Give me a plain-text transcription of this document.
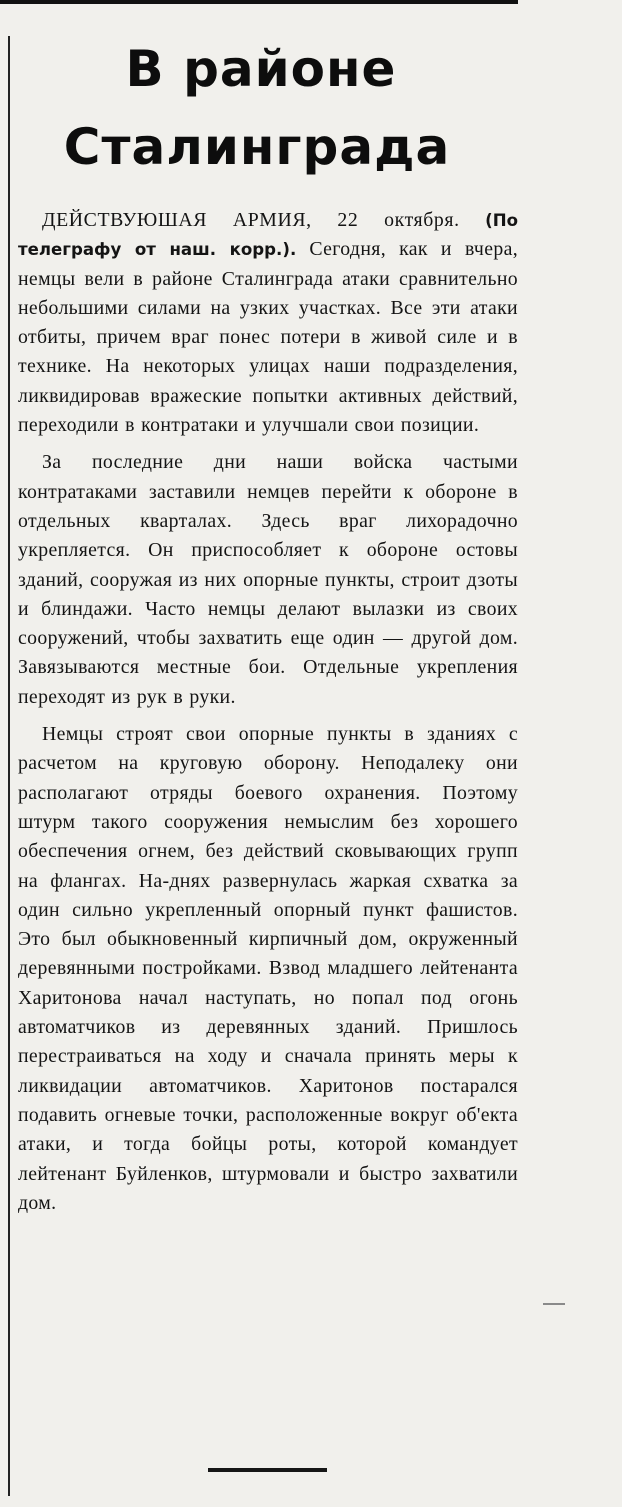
В районе
Сталинграда

ДЕЙСТВУЮШАЯ АРМИЯ, 22 октября. (По телеграфу от наш. корр.). Сегодня, как и вчера, немцы вели в районе Сталинграда атаки сравнительно небольшими силами на узких участках. Все эти атаки отбиты, причем враг понес потери в живой силе и в технике. На некоторых улицах наши подразделения, ликвидировав вражеские попытки активных действий, переходили в контратаки и улучшали свои позиции.

За последние дни наши войска частыми контратаками заставили немцев перейти к обороне в отдельных кварталах. Здесь враг лихорадочно укрепляется. Он приспособляет к обороне остовы зданий, сооружая из них опорные пункты, строит дзоты и блиндажи. Часто немцы делают вылазки из своих сооружений, чтобы захватить еще один — другой дом. Завязываются местные бои. Отдельные укрепления переходят из рук в руки.

Немцы строят свои опорные пункты в зданиях с расчетом на круговую оборону. Неподалеку они располагают отряды боевого охранения. Поэтому штурм такого сооружения немыслим без хорошего обеспечения огнем, без действий сковывающих групп на флангах. На-днях развернулась жаркая схватка за один сильно укрепленный опорный пункт фашистов. Это был обыкновенный кирпичный дом, окруженный деревянными постройками. Взвод младшего лейтенанта Харитонова начал наступать, но попал под огонь автоматчиков из деревянных зданий. Пришлось перестраиваться на ходу и сначала принять меры к ликвидации автоматчиков. Харитонов постарался подавить огневые точки, расположенные вокруг об'екта атаки, и тогда бойцы роты, которой командует лейтенант Буйленков, штурмовали и быстро захватили дом.
